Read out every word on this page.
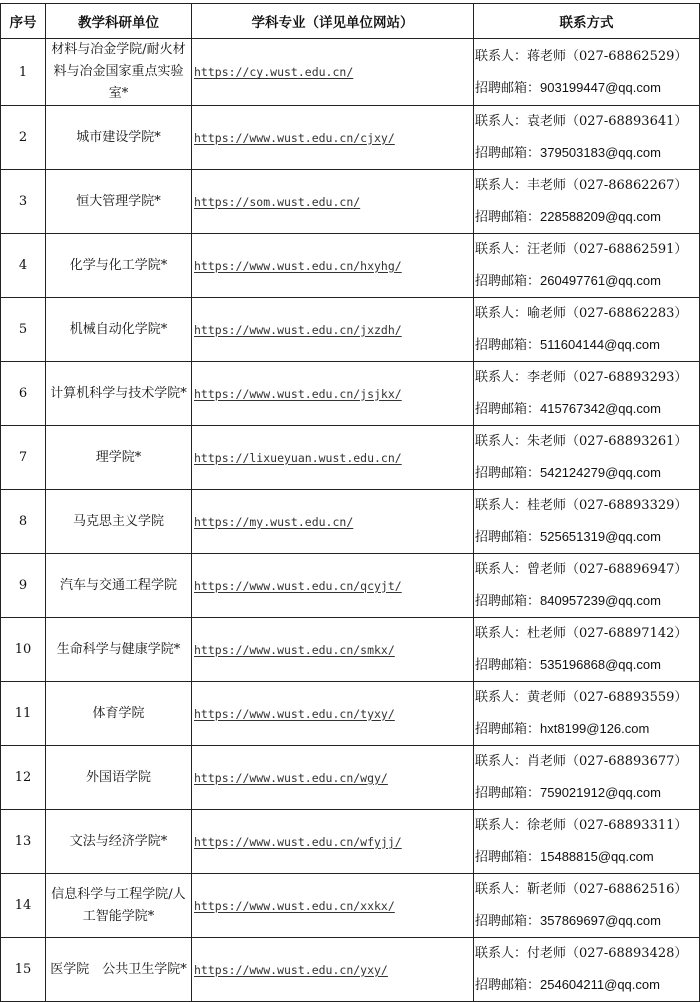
序号	教学科研单位	学科专业（详见单位网站）	联系方式
1	材料与冶金学院/耐火材料与冶金国家重点实验室*	https://cy.wust.edu.cn/	联系人：蒋老师（027-68862529）
招聘邮箱：903199447@qq.com

2	城市建设学院*	https://www.wust.edu.cn/cjxy/	联系人：袁老师（027-68893641）
招聘邮箱：379503183@qq.com

3	恒大管理学院*	https://som.wust.edu.cn/	联系人：丰老师（027-86862267）
招聘邮箱：228588209@qq.com

4	化学与化工学院*	https://www.wust.edu.cn/hxyhg/	联系人：汪老师（027-68862591）
招聘邮箱：260497761@qq.com

5	机械自动化学院*	https://www.wust.edu.cn/jxzdh/	联系人：喻老师（027-68862283）
招聘邮箱：511604144@qq.com

6	计算机科学与技术学院*	https://www.wust.edu.cn/jsjkx/	联系人：李老师（027-68893293）
招聘邮箱：415767342@qq.com

7	理学院*	https://lixueyuan.wust.edu.cn/	联系人：朱老师（027-68893261）
招聘邮箱：542124279@qq.com

8	马克思主义学院	https://my.wust.edu.cn/	联系人：桂老师（027-68893329）
招聘邮箱：525651319@qq.com

9	汽车与交通工程学院	https://www.wust.edu.cn/qcyjt/	联系人：曾老师（027-68896947）
招聘邮箱：840957239@qq.com

10	生命科学与健康学院*	https://www.wust.edu.cn/smkx/	联系人：杜老师（027-68897142）
招聘邮箱：535196868@qq.com

11	体育学院	https://www.wust.edu.cn/tyxy/	联系人：黄老师（027-68893559）
招聘邮箱：hxt8199@126.com

12	外国语学院	https://www.wust.edu.cn/wgy/	联系人：肖老师（027-68893677）
招聘邮箱：759021912@qq.com

13	文法与经济学院*	https://www.wust.edu.cn/wfyjj/	联系人：徐老师（027-68893311）
招聘邮箱：15488815@qq.com

14	信息科学与工程学院/人工智能学院*	https://www.wust.edu.cn/xxkx/	联系人：靳老师（027-68862516）
招聘邮箱：357869697@qq.com

15	医学院　公共卫生学院*	https://www.wust.edu.cn/yxy/	联系人：付老师（027-68893428）
招聘邮箱：254604211@qq.com
